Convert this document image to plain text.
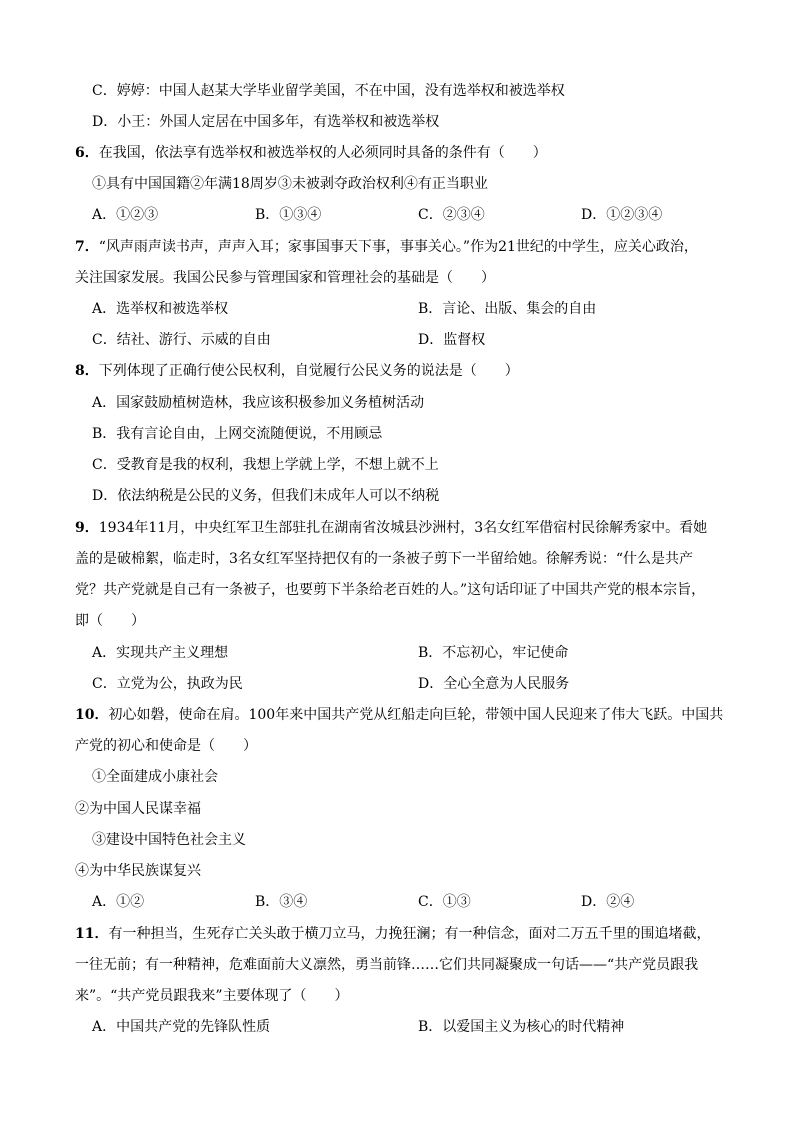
C．婷婷：中国人赵某大学毕业留学美国，不在中国，没有选举权和被选举权
D．小王：外国人定居在中国多年，有选举权和被选举权
6．在我国，依法享有选举权和被选举权的人必须同时具备的条件有（　　）
①具有中国国籍②年满18周岁③未被剥夺政治权利④有正当职业
A．①②③	B．①③④	C．②③④	D．①②③④
7．“风声雨声读书声，声声入耳；家事国事天下事，事事关心。”作为21世纪的中学生，应关心政治，
关注国家发展。我国公民参与管理国家和管理社会的基础是（　　）
A．选举权和被选举权	B．言论、出版、集会的自由
C．结社、游行、示威的自由	D．监督权
8．下列体现了正确行使公民权利，自觉履行公民义务的说法是（　　）
A．国家鼓励植树造林，我应该积极参加义务植树活动
B．我有言论自由，上网交流随便说，不用顾忌
C．受教育是我的权利，我想上学就上学，不想上就不上
D．依法纳税是公民的义务，但我们未成年人可以不纳税
9．1934年11月，中央红军卫生部驻扎在湖南省汝城县沙洲村，3名女红军借宿村民徐解秀家中。看她
盖的是破棉絮，临走时，3名女红军坚持把仅有的一条被子剪下一半留给她。徐解秀说：“什么是共产
党？共产党就是自己有一条被子，也要剪下半条给老百姓的人。”这句话印证了中国共产党的根本宗旨，
即（　　）
A．实现共产主义理想	B．不忘初心，牢记使命
C．立党为公，执政为民	D．全心全意为人民服务
10．初心如磐，使命在肩。100年来中国共产党从红船走向巨轮，带领中国人民迎来了伟大飞跃。中国共
产党的初心和使命是（　　）
①全面建成小康社会
②为中国人民谋幸福
③建设中国特色社会主义
④为中华民族谋复兴
A．①②	B．③④	C．①③	D．②④
11．有一种担当，生死存亡关头敢于横刀立马，力挽狂澜；有一种信念，面对二万五千里的围追堵截，
一往无前；有一种精神，危难面前大义凛然，勇当前锋……它们共同凝聚成一句话——“共产党员跟我
来”。“共产党员跟我来”主要体现了（　　）
A．中国共产党的先锋队性质	B．以爱国主义为核心的时代精神
